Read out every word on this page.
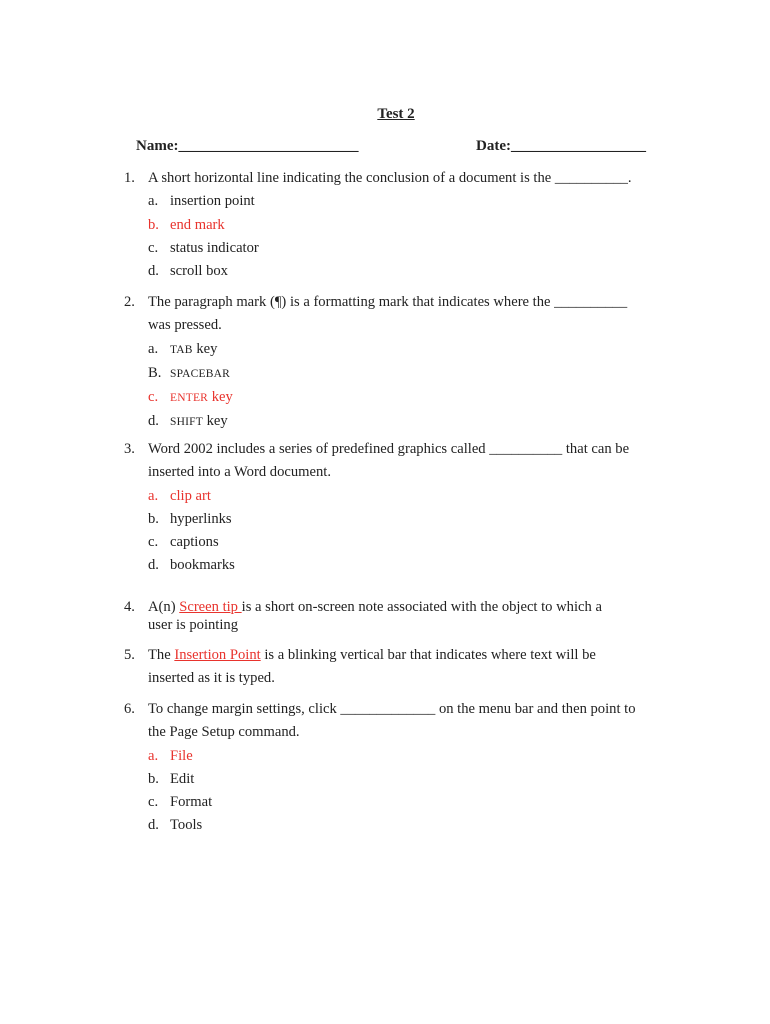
Test 2
Name:________________________	Date:__________________
1. A short horizontal line indicating the conclusion of a document is the __________.
a. insertion point
b. end mark
c. status indicator
d. scroll box
2. The paragraph mark (¶) is a formatting mark that indicates where the __________
was pressed.
a. TAB key
B. SPACEBAR
c. ENTER key
d. SHIFT key
3. Word 2002 includes a series of predefined graphics called __________ that can be
inserted into a Word document.
a. clip art
b. hyperlinks
c. captions
d. bookmarks
4. A(n) Screen tip is a short on-screen note associated with the object to which a
user is pointing
5. The Insertion Point is a blinking vertical bar that indicates where text will be
inserted as it is typed.
6. To change margin settings, click _____________ on the menu bar and then point to
the Page Setup command.
a. File
b. Edit
c. Format
d. Tools
